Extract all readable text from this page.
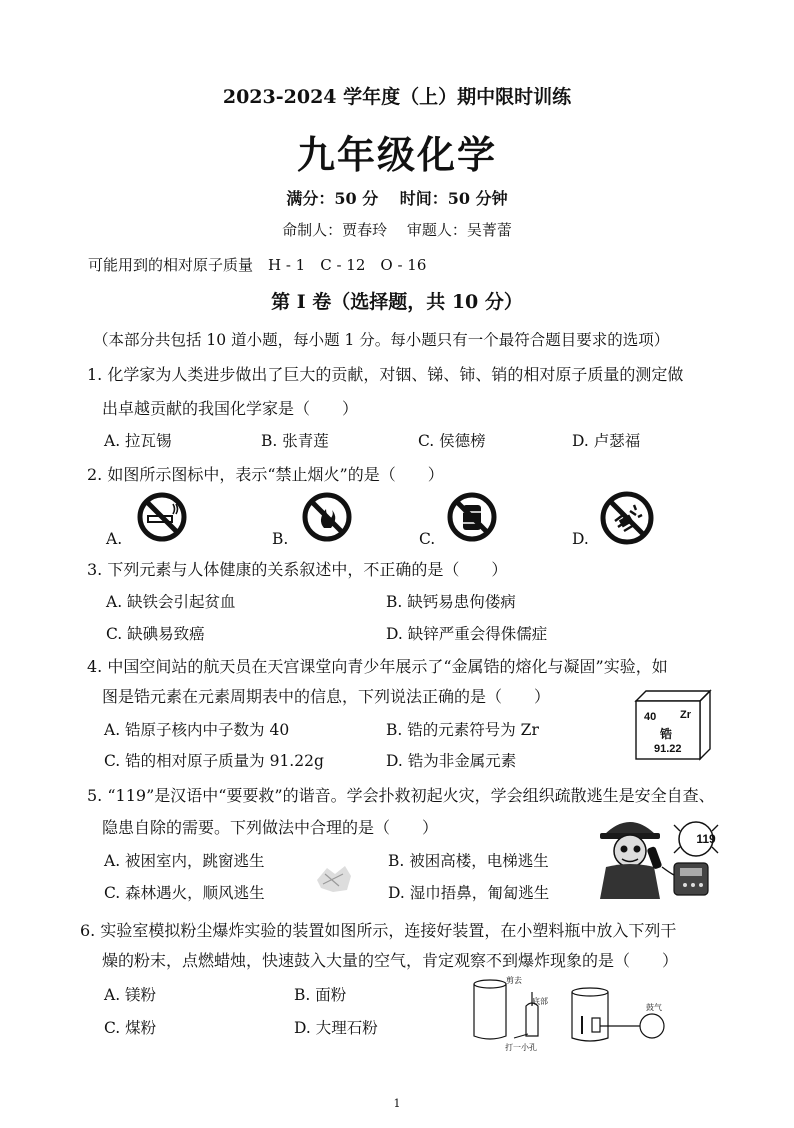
2023-2024 学年度（上）期中限时训练
九年级化学
满分：50 分　 时间：50 分钟
命制人：贾春玲　 审题人：吴菁蕾
可能用到的相对原子质量　H - 1　C - 12　O - 16
第 I 卷（选择题，共 10 分）
（本部分共包括 10 道小题，每小题 1 分。每小题只有一个最符合题目要求的选项）
1. 化学家为人类进步做出了巨大的贡献，对铟、锑、铈、销的相对原子质量的测定做
出卓越贡献的我国化学家是（　　）
A. 拉瓦锡	B. 张青莲	C. 侯德榜	D. 卢瑟福
2. 如图所示图标中，表示“禁止烟火”的是（　　）
A.	B.	C.	D.
3. 下列元素与人体健康的关系叙述中，不正确的是（　　）
A. 缺铁会引起贫血	B. 缺钙易患佝偻病
C. 缺碘易致癌	D. 缺锌严重会得侏儒症
4. 中国空间站的航天员在天宫课堂向青少年展示了“金属锆的熔化与凝固”实验，如
图是锆元素在元素周期表中的信息，下列说法正确的是（　　）
A. 锆原子核内中子数为 40	B. 锆的元素符号为 Zr
C. 锆的相对原子质量为 91.22g	D. 锆为非金属元素
40 Zr
锆
91.22
5. “119”是汉语中“要要救”的谐音。学会扑救初起火灾，学会组织疏散逃生是安全自查、
隐患自除的需要。下列做法中合理的是（　　）
A. 被困室内，跳窗逃生	B. 被困高楼，电梯逃生
C. 森林遇火，顺风逃生	D. 湿巾捂鼻，匍匐逃生
119
6. 实验室模拟粉尘爆炸实验的装置如图所示，连接好装置，在小塑料瓶中放入下列干
燥的粉末，点燃蜡烛，快速鼓入大量的空气，肯定观察不到爆炸现象的是（　　）
A. 镁粉	B. 面粉
C. 煤粉	D. 大理石粉
剪去
底部
打一小孔
鼓气
1
